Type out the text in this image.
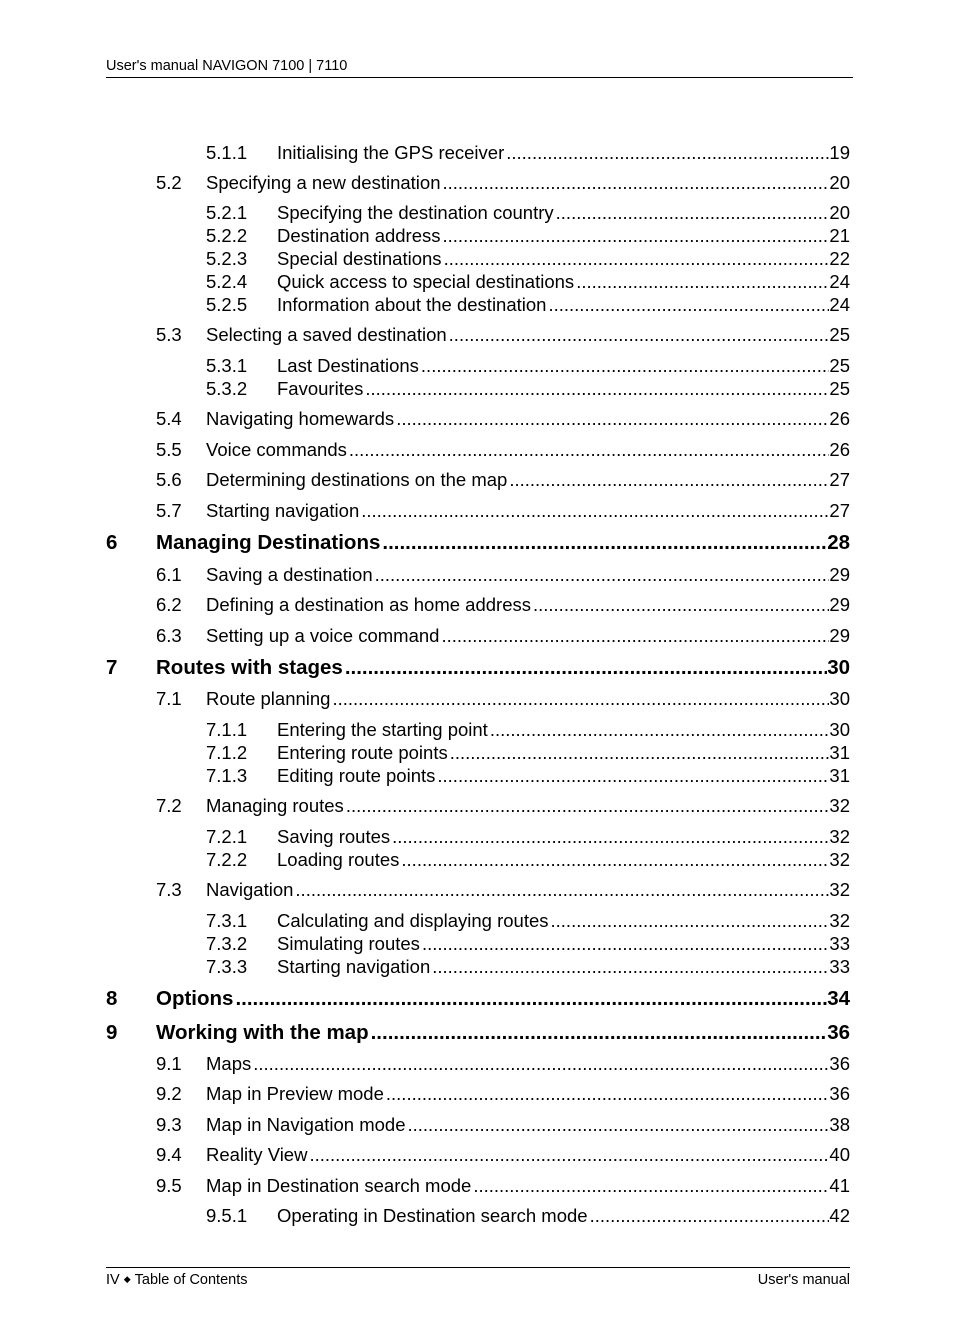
User's manual NAVIGON 7100 | 7110
5.1.1 Initialising the GPS receiver .....	19
5.2 Specifying a new destination .....	20
5.2.1 Specifying the destination country .....	20
5.2.2 Destination address .....	21
5.2.3 Special destinations .....	22
5.2.4 Quick access to special destinations .....	24
5.2.5 Information about the destination .....	24
5.3 Selecting a saved destination .....	25
5.3.1 Last Destinations .....	25
5.3.2 Favourites .....	25
5.4 Navigating homewards .....	26
5.5 Voice commands .....	26
5.6 Determining destinations on the map .....	27
5.7 Starting navigation .....	27
6 Managing Destinations .....	28
6.1 Saving a destination .....	29
6.2 Defining a destination as home address .....	29
6.3 Setting up a voice command .....	29
7 Routes with stages .....	30
7.1 Route planning .....	30
7.1.1 Entering the starting point .....	30
7.1.2 Entering route points .....	31
7.1.3 Editing route points .....	31
7.2 Managing routes .....	32
7.2.1 Saving routes .....	32
7.2.2 Loading routes .....	32
7.3 Navigation .....	32
7.3.1 Calculating and displaying routes .....	32
7.3.2 Simulating routes .....	33
7.3.3 Starting navigation .....	33
8 Options .....	34
9 Working with the map .....	36
9.1 Maps .....	36
9.2 Map in Preview mode .....	36
9.3 Map in Navigation mode .....	38
9.4 Reality View .....	40
9.5 Map in Destination search mode .....	41
9.5.1 Operating in Destination search mode .....	42
IV ◆ Table of Contents	User's manual
